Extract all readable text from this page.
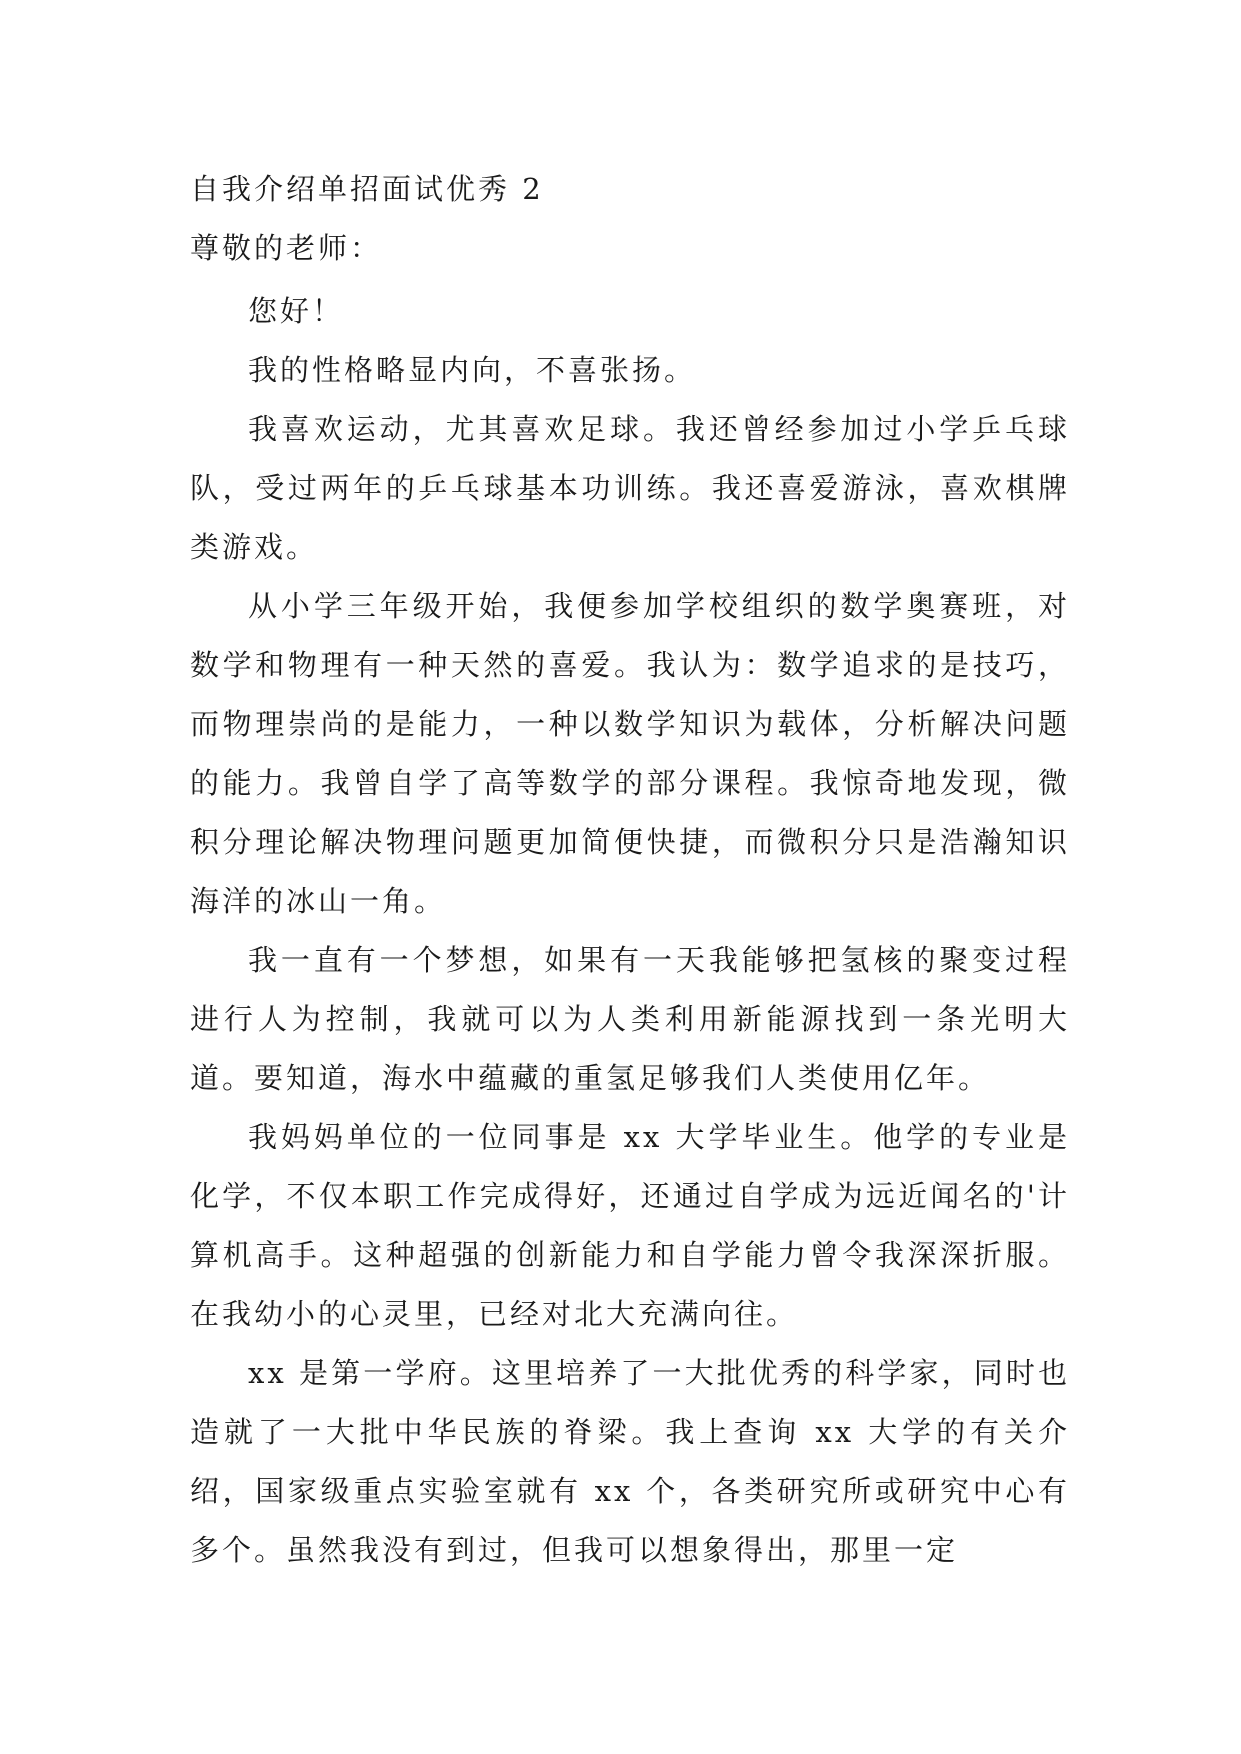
自我介绍单招面试优秀 2

尊敬的老师：

您好！

我的性格略显内向，不喜张扬。

我喜欢运动，尤其喜欢足球。我还曾经参加过小学乒乓球队，受过两年的乒乓球基本功训练。我还喜爱游泳，喜欢棋牌类游戏。

从小学三年级开始，我便参加学校组织的数学奥赛班，对数学和物理有一种天然的喜爱。我认为：数学追求的是技巧，而物理崇尚的是能力，一种以数学知识为载体，分析解决问题的能力。我曾自学了高等数学的部分课程。我惊奇地发现，微积分理论解决物理问题更加简便快捷，而微积分只是浩瀚知识海洋的冰山一角。

我一直有一个梦想，如果有一天我能够把氢核的聚变过程进行人为控制，我就可以为人类利用新能源找到一条光明大道。要知道，海水中蕴藏的重氢足够我们人类使用亿年。

我妈妈单位的一位同事是 xx 大学毕业生。他学的专业是化学，不仅本职工作完成得好，还通过自学成为远近闻名的'计算机高手。这种超强的创新能力和自学能力曾令我深深折服。在我幼小的心灵里，已经对北大充满向往。

xx 是第一学府。这里培养了一大批优秀的科学家，同时也造就了一大批中华民族的脊梁。我上查询 xx 大学的有关介绍，国家级重点实验室就有 xx 个，各类研究所或研究中心有多个。虽然我没有到过，但我可以想象得出，那里一定
